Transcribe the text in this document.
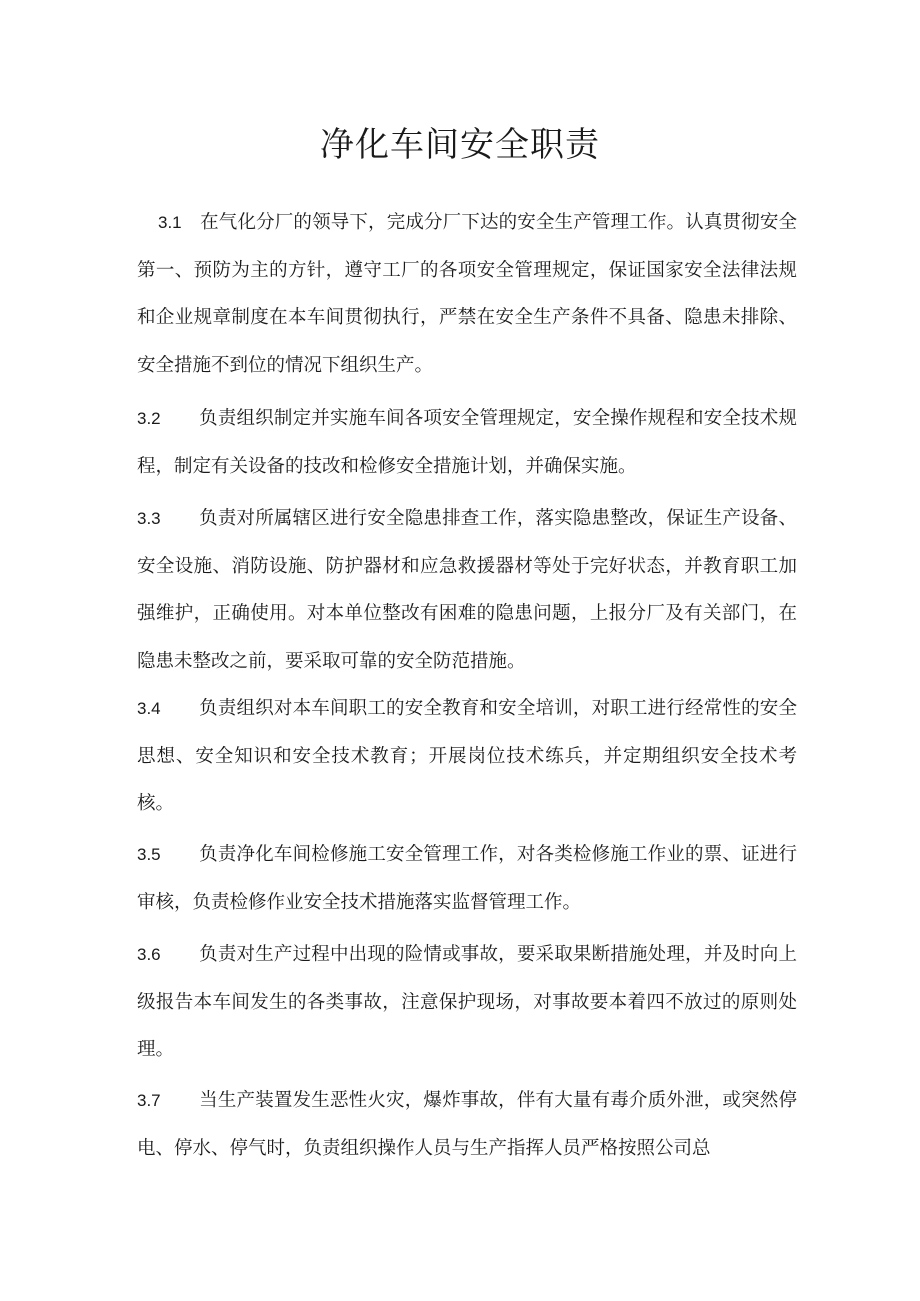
净化车间安全职责

3.1 在气化分厂的领导下，完成分厂下达的安全生产管理工作。认真贯彻安全第一、预防为主的方针，遵守工厂的各项安全管理规定，保证国家安全法律法规和企业规章制度在本车间贯彻执行，严禁在安全生产条件不具备、隐患未排除、安全措施不到位的情况下组织生产。

3.2 负责组织制定并实施车间各项安全管理规定，安全操作规程和安全技术规程，制定有关设备的技改和检修安全措施计划，并确保实施。

3.3 负责对所属辖区进行安全隐患排查工作，落实隐患整改，保证生产设备、安全设施、消防设施、防护器材和应急救援器材等处于完好状态，并教育职工加强维护，正确使用。对本单位整改有困难的隐患问题，上报分厂及有关部门，在隐患未整改之前，要采取可靠的安全防范措施。

3.4 负责组织对本车间职工的安全教育和安全培训，对职工进行经常性的安全思想、安全知识和安全技术教育；开展岗位技术练兵，并定期组织安全技术考核。

3.5 负责净化车间检修施工安全管理工作，对各类检修施工作业的票、证进行审核，负责检修作业安全技术措施落实监督管理工作。

3.6 负责对生产过程中出现的险情或事故，要采取果断措施处理，并及时向上级报告本车间发生的各类事故，注意保护现场，对事故要本着四不放过的原则处理。

3.7 当生产装置发生恶性火灾，爆炸事故，伴有大量有毒介质外泄，或突然停电、停水、停气时，负责组织操作人员与生产指挥人员严格按照公司总
